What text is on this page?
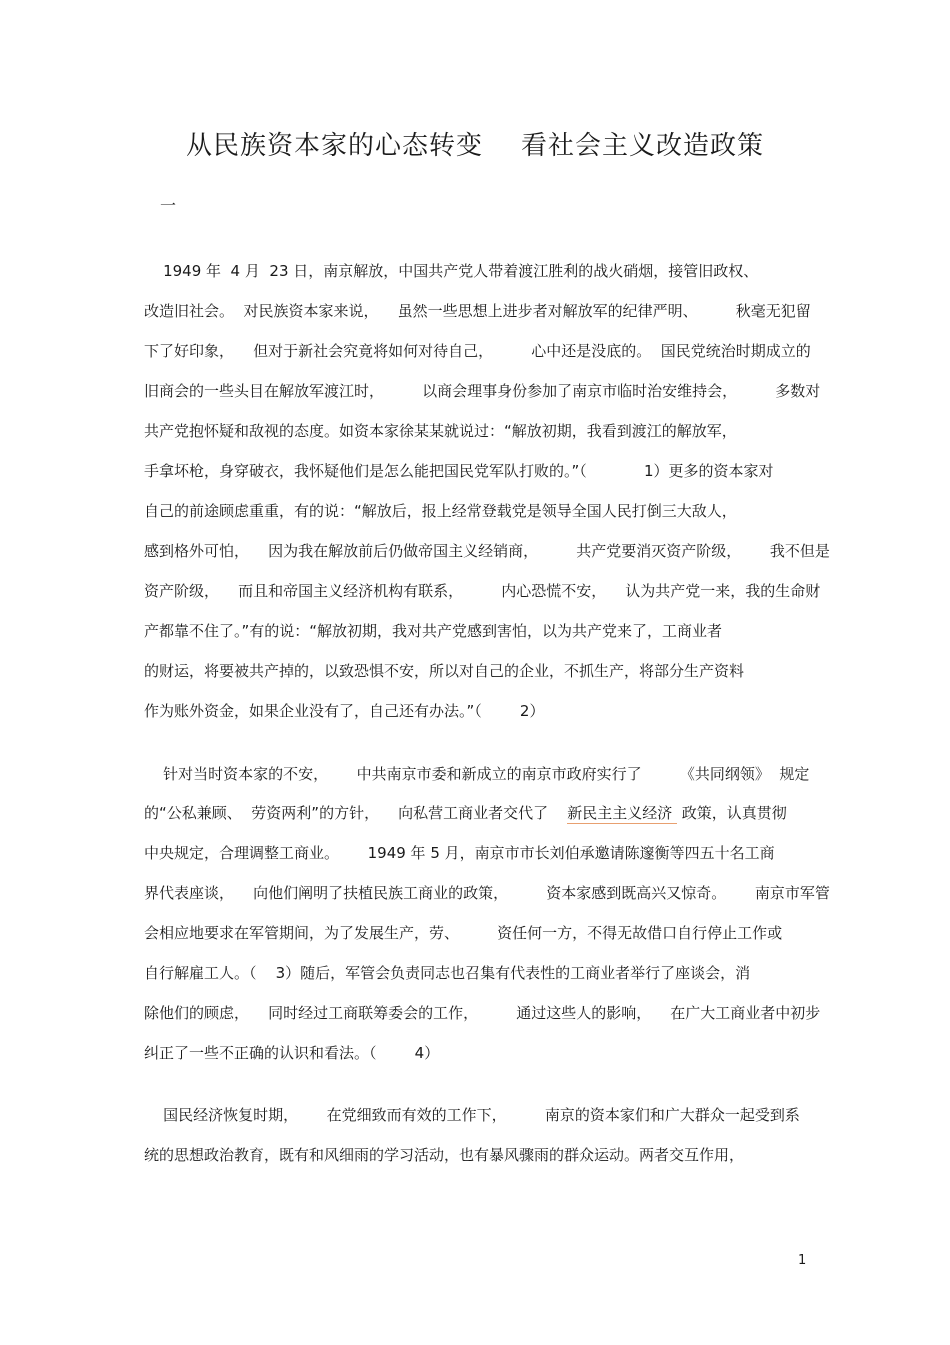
从民族资本家的心态转变 看社会主义改造政策
一
1949 年  4 月  23 日，南京解放，中国共产党人带着渡江胜利的战火硝烟，接管旧政权、
改造旧社会。  对民族资本家来说，    虽然一些思想上进步者对解放军的纪律严明、        秋毫无犯留
下了好印象，    但对于新社会究竟将如何对待自己，        心中还是没底的。  国民党统治时期成立的
旧商会的一些头目在解放军渡江时，        以商会理事身份参加了南京市临时治安维持会，        多数对
共产党抱怀疑和敌视的态度。如资本家徐某某就说过：“解放初期，我看到渡江的解放军，
手拿坏枪，身穿破衣，我怀疑他们是怎么能把国民党军队打败的。”（            1）更多的资本家对
自己的前途顾虑重重，有的说：“解放后，报上经常登载党是领导全国人民打倒三大敌人，
感到格外可怕，    因为我在解放前后仍做帝国主义经销商，        共产党要消灭资产阶级，      我不但是
资产阶级，    而且和帝国主义经济机构有联系，        内心恐慌不安，    认为共产党一来，我的生命财
产都靠不住了。”有的说：“解放初期，我对共产党感到害怕，以为共产党来了，工商业者
的财运，将要被共产掉的，以致恐惧不安，所以对自己的企业，不抓生产，将部分生产资料
作为账外资金，如果企业没有了，自己还有办法。”（        2）
针对当时资本家的不安，      中共南京市委和新成立的南京市政府实行了        《共同纲领》  规定
的“公私兼顾、  劳资两利”的方针，    向私营工商业者交代了    新民主主义经济  政策，认真贯彻
中央规定，合理调整工商业。      1949 年 5 月，南京市市长刘伯承邀请陈邃衡等四五十名工商
界代表座谈，    向他们阐明了扶植民族工商业的政策，        资本家感到既高兴又惊奇。      南京市军管
会相应地要求在军管期间，为了发展生产，劳、        资任何一方，不得无故借口自行停止工作或
自行解雇工人。（    3）随后，军管会负责同志也召集有代表性的工商业者举行了座谈会，消
除他们的顾虑，    同时经过工商联筹委会的工作，        通过这些人的影响，    在广大工商业者中初步
纠正了一些不正确的认识和看法。（        4）
国民经济恢复时期，      在党细致而有效的工作下，        南京的资本家们和广大群众一起受到系
统的思想政治教育，既有和风细雨的学习活动，也有暴风骤雨的群众运动。两者交互作用，
1
